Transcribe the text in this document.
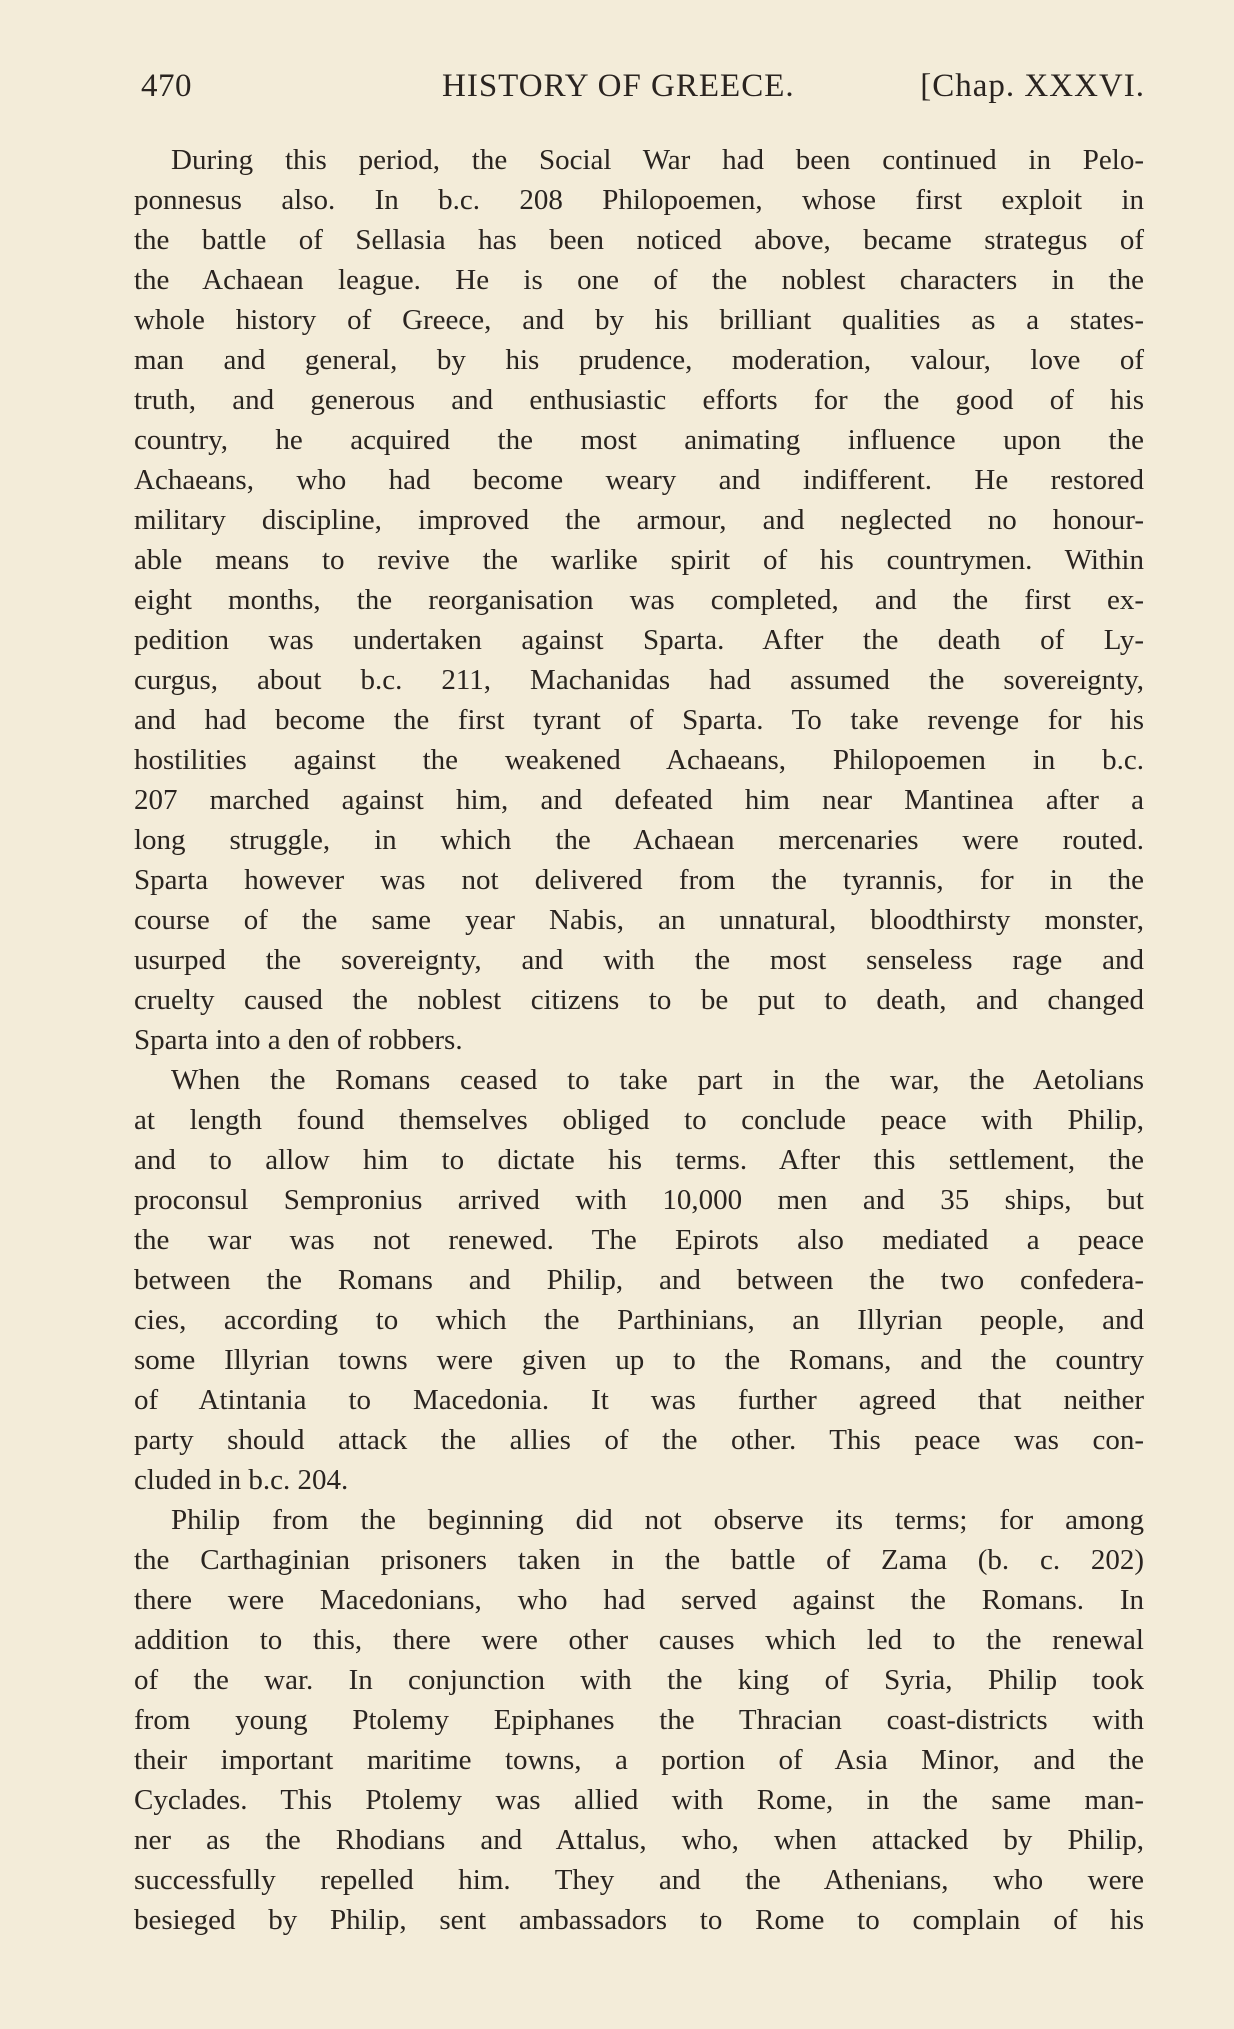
470	HISTORY OF GREECE.	[Chap. XXXVI.
During this period, the Social War had been continued in Pelo-
ponnesus also. In b.c. 208 Philopoemen, whose first exploit in
the battle of Sellasia has been noticed above, became strategus of
the Achaean league. He is one of the noblest characters in the
whole history of Greece, and by his brilliant qualities as a states-
man and general, by his prudence, moderation, valour, love of
truth, and generous and enthusiastic efforts for the good of his
country, he acquired the most animating influence upon the
Achaeans, who had become weary and indifferent. He restored
military discipline, improved the armour, and neglected no honour-
able means to revive the warlike spirit of his countrymen. Within
eight months, the reorganisation was completed, and the first ex-
pedition was undertaken against Sparta. After the death of Ly-
curgus, about b.c. 211, Machanidas had assumed the sovereignty,
and had become the first tyrant of Sparta. To take revenge for his
hostilities against the weakened Achaeans, Philopoemen in b.c.
207 marched against him, and defeated him near Mantinea after a
long struggle, in which the Achaean mercenaries were routed.
Sparta however was not delivered from the tyrannis, for in the
course of the same year Nabis, an unnatural, bloodthirsty monster,
usurped the sovereignty, and with the most senseless rage and
cruelty caused the noblest citizens to be put to death, and changed
Sparta into a den of robbers.
When the Romans ceased to take part in the war, the Aetolians
at length found themselves obliged to conclude peace with Philip,
and to allow him to dictate his terms. After this settlement, the
proconsul Sempronius arrived with 10,000 men and 35 ships, but
the war was not renewed. The Epirots also mediated a peace
between the Romans and Philip, and between the two confedera-
cies, according to which the Parthinians, an Illyrian people, and
some Illyrian towns were given up to the Romans, and the country
of Atintania to Macedonia. It was further agreed that neither
party should attack the allies of the other. This peace was con-
cluded in b.c. 204.
Philip from the beginning did not observe its terms; for among
the Carthaginian prisoners taken in the battle of Zama (b. c. 202)
there were Macedonians, who had served against the Romans. In
addition to this, there were other causes which led to the renewal
of the war. In conjunction with the king of Syria, Philip took
from young Ptolemy Epiphanes the Thracian coast-districts with
their important maritime towns, a portion of Asia Minor, and the
Cyclades. This Ptolemy was allied with Rome, in the same man-
ner as the Rhodians and Attalus, who, when attacked by Philip,
successfully repelled him. They and the Athenians, who were
besieged by Philip, sent ambassadors to Rome to complain of his
